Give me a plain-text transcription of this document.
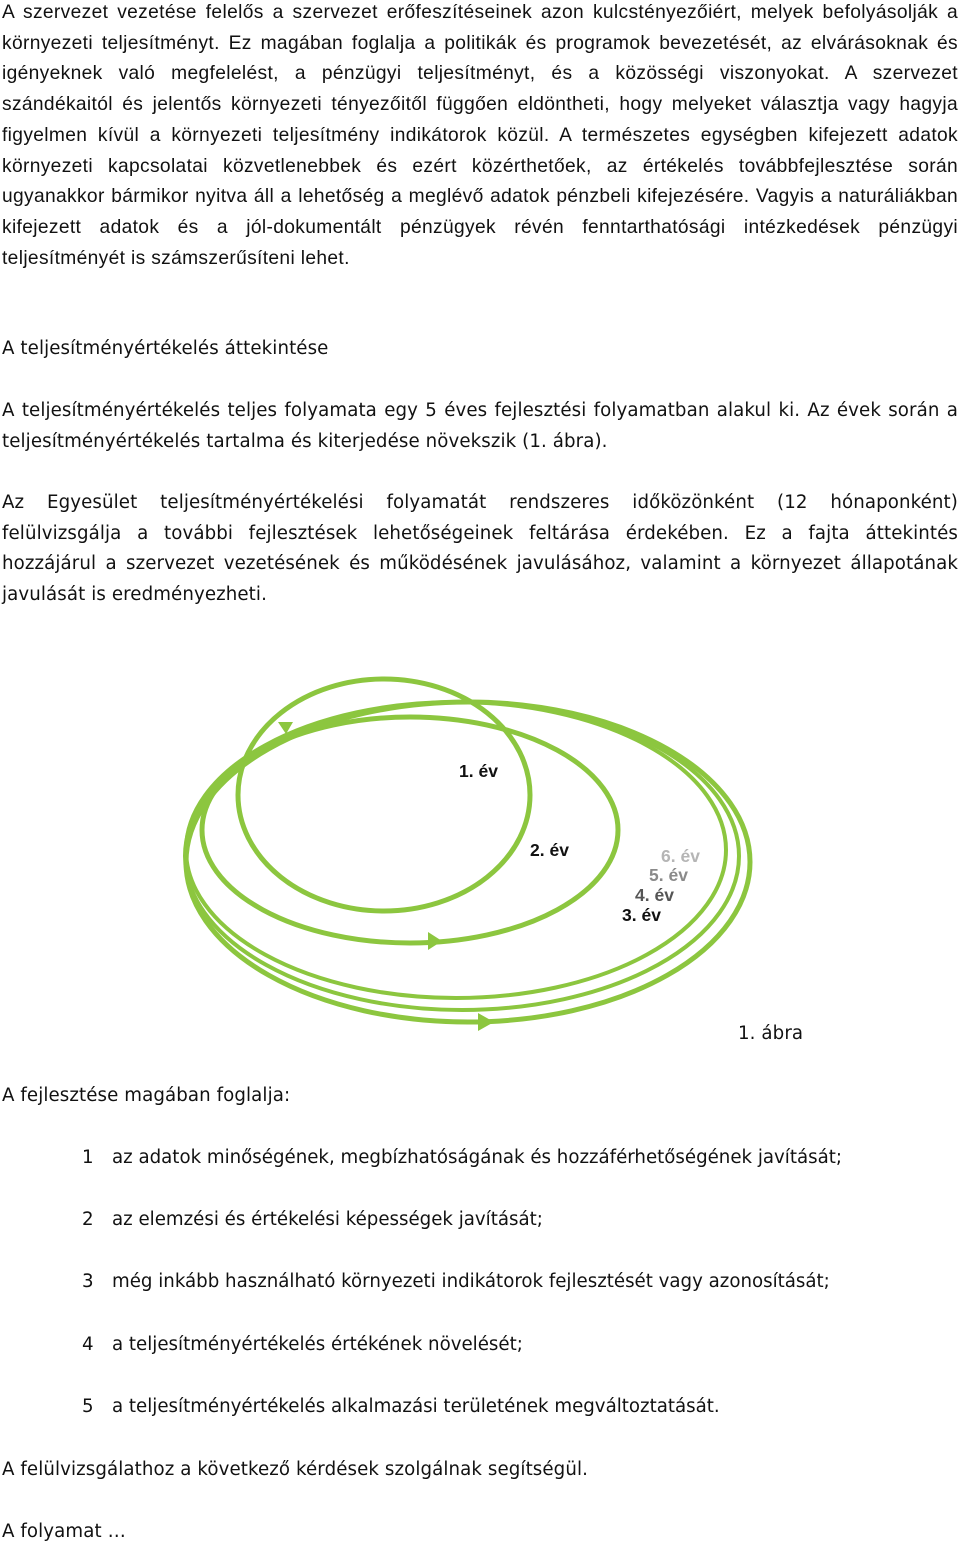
A szervezet vezetése felelős a szervezet erőfeszítéseinek azon kulcstényezőiért, melyek befolyásolják a környezeti teljesítményt. Ez magában foglalja a politikák és programok bevezetését, az elvárásoknak és igényeknek való megfelelést, a pénzügyi teljesítményt, és a közösségi viszonyokat. A szervezet szándékaitól és jelentős környezeti tényezőitől függően eldöntheti, hogy melyeket választja vagy hagyja figyelmen kívül a környezeti teljesítmény indikátorok közül. A természetes egységben kifejezett adatok környezeti kapcsolatai közvetlenebbek és ezért közérthetőek, az értékelés továbbfejlesztése során ugyanakkor bármikor nyitva áll a lehetőség a meglévő adatok pénzbeli kifejezésére. Vagyis a naturáliákban kifejezett adatok és a jól-dokumentált pénzügyek révén fenntarthatósági intézkedések pénzügyi teljesítményét is számszerűsíteni lehet.

A teljesítményértékelés áttekintése

A teljesítményértékelés teljes folyamata egy 5 éves fejlesztési folyamatban alakul ki. Az évek során a teljesítményértékelés tartalma és kiterjedése növekszik (1. ábra).

Az Egyesület teljesítményértékelési folyamatát rendszeres időközönként (12 hónaponként) felülvizsgálja a további fejlesztések lehetőségeinek feltárása érdekében. Ez a fajta áttekintés hozzájárul a szervezet vezetésének és működésének javulásához, valamint a környezet állapotának javulását is eredményezheti.

1. év
2. év	6. év
5. év
4. év
3. év

1. ábra

A fejlesztése magában foglalja:

1 az adatok minőségének, megbízhatóságának és hozzáférhetőségének javítását;
2 az elemzési és értékelési képességek javítását;
3 még inkább használható környezeti indikátorok fejlesztését vagy azonosítását;
4 a teljesítményértékelés értékének növelését;
5 a teljesítményértékelés alkalmazási területének megváltoztatását.

A felülvizsgálathoz a következő kérdések szolgálnak segítségül.

A folyamat …
